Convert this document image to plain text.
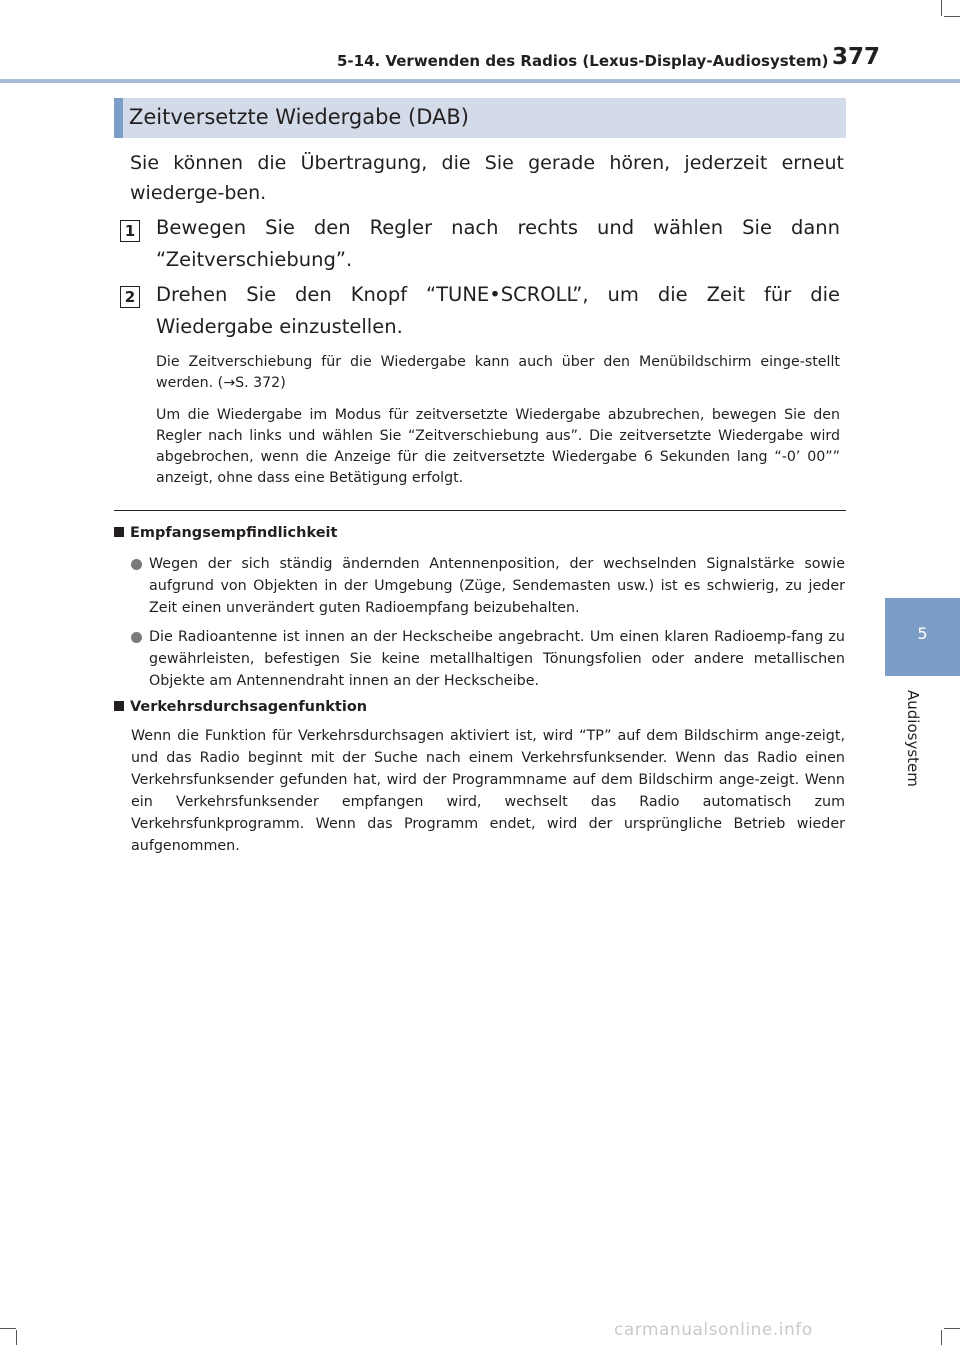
5-14. Verwenden des Radios (Lexus-Display-Audiosystem) 377
5
Audiosystem
Zeitversetzte Wiedergabe (DAB)
Sie können die Übertragung, die Sie gerade hören, jederzeit erneut wiederge-ben.
1 Bewegen Sie den Regler nach rechts und wählen Sie dann “Zeitverschiebung”.
2 Drehen Sie den Knopf “TUNE•SCROLL”, um die Zeit für die Wiedergabe einzustellen.
Die Zeitverschiebung für die Wiedergabe kann auch über den Menübildschirm einge-stellt werden. (→S. 372)
Um die Wiedergabe im Modus für zeitversetzte Wiedergabe abzubrechen, bewegen Sie den Regler nach links und wählen Sie “Zeitverschiebung aus”. Die zeitversetzte Wiedergabe wird abgebrochen, wenn die Anzeige für die zeitversetzte Wiedergabe 6 Sekunden lang “-0’ 00”” anzeigt, ohne dass eine Betätigung erfolgt.
Empfangsempfindlichkeit
Wegen der sich ständig ändernden Antennenposition, der wechselnden Signalstärke sowie aufgrund von Objekten in der Umgebung (Züge, Sendemasten usw.) ist es schwierig, zu jeder Zeit einen unverändert guten Radioempfang beizubehalten.
Die Radioantenne ist innen an der Heckscheibe angebracht. Um einen klaren Radioemp-fang zu gewährleisten, befestigen Sie keine metallhaltigen Tönungsfolien oder andere metallischen Objekte am Antennendraht innen an der Heckscheibe.
Verkehrsdurchsagenfunktion
Wenn die Funktion für Verkehrsdurchsagen aktiviert ist, wird “TP” auf dem Bildschirm ange-zeigt, und das Radio beginnt mit der Suche nach einem Verkehrsfunksender. Wenn das Radio einen Verkehrsfunksender gefunden hat, wird der Programmname auf dem Bildschirm ange-zeigt. Wenn ein Verkehrsfunksender empfangen wird, wechselt das Radio automatisch zum Verkehrsfunkprogramm. Wenn das Programm endet, wird der ursprüngliche Betrieb wieder aufgenommen.
carmanualsonline.info
